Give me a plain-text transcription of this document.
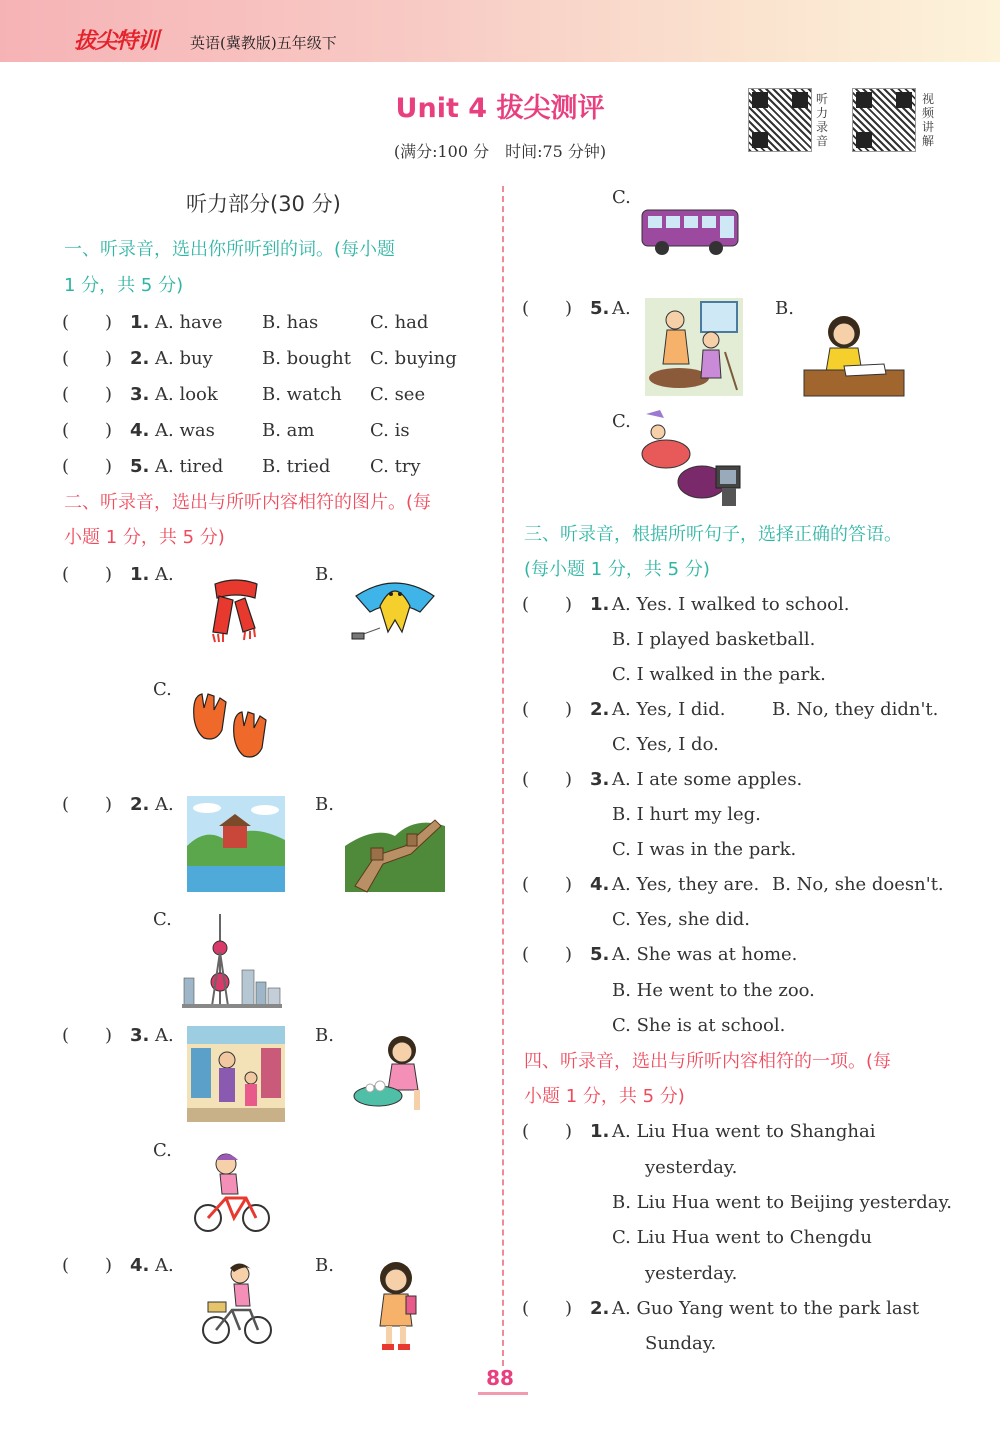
拔尖特训 英语(冀教版)五年级下
Unit 4 拔尖测评
(满分:100 分　时间:75 分钟)
听力录音
视频讲解
听力部分(30 分)
一、听录音，选出你所听到的词。(每小题
1 分，共 5 分)
(　　) 1. A. have B. has	C. had
(　　) 2. A. buy	B. bought C. buying
(　　) 3. A. look B. watch C. see
(　　) 4. A. was	B. am	C. is
(　　) 5. A. tired B. tried C. try
二、听录音，选出与所听内容相符的图片。(每
小题 1 分，共 5 分)
(　　) 1. A.	B.
C.
(　　) 2. A.	B.
C.
(　　) 3. A.	B.
C.
(　　) 4. A.	B.
C.
(　　) 5. A.	B.
C.
三、听录音，根据所听句子，选择正确的答语。
(每小题 1 分，共 5 分)
(　　) 1. A. Yes. I walked to school.
B. I played basketball.
C. I walked in the park.
(　　) 2. A. Yes, I did.	B. No, they didn't.
C. Yes, I do.
(　　) 3. A. I ate some apples.
B. I hurt my leg.
C. I was in the park.
(　　) 4. A. Yes, they are. B. No, she doesn't.
C. Yes, she did.
(　　) 5. A. She was at home.
B. He went to the zoo.
C. She is at school.
四、听录音，选出与所听内容相符的一项。(每
小题 1 分，共 5 分)
(　　) 1. A. Liu Hua went to Shanghai
yesterday.
B. Liu Hua went to Beijing yesterday.
C. Liu Hua went to Chengdu
yesterday.
(　　) 2. A. Guo Yang went to the park last
Sunday.
88
